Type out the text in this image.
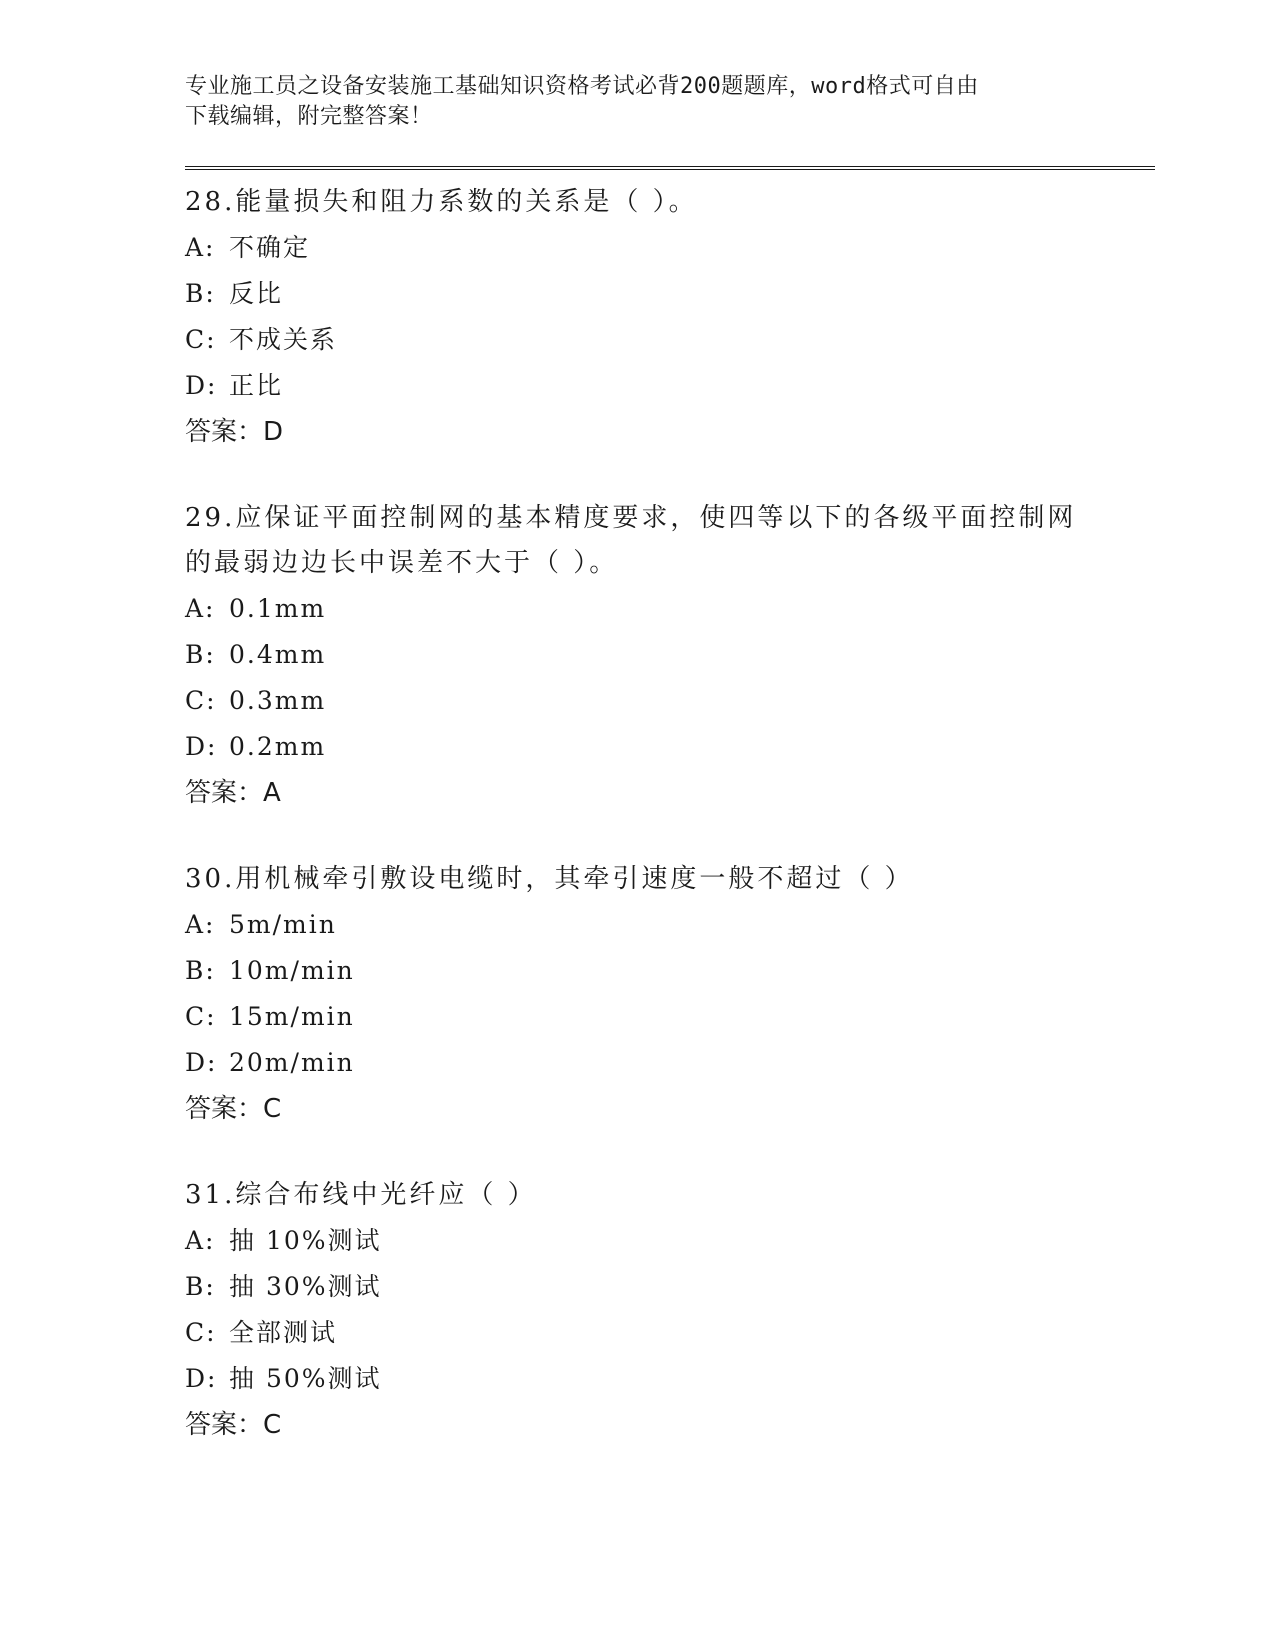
专业施工员之设备安装施工基础知识资格考试必背200题题库，word格式可自由
下载编辑，附完整答案！
28.能量损失和阻力系数的关系是（ ）。
A: 不确定
B: 反比
C: 不成关系
D: 正比
答案：D
29.应保证平面控制网的基本精度要求，使四等以下的各级平面控制网
的最弱边边长中误差不大于（ ）。
A: 0.1mm
B: 0.4mm
C: 0.3mm
D: 0.2mm
答案：A
30.用机械牵引敷设电缆时，其牵引速度一般不超过（ ）
A: 5m/min
B: 10m/min
C: 15m/min
D: 20m/min
答案：C
31.综合布线中光纤应（ ）
A: 抽 10%测试
B: 抽 30%测试
C: 全部测试
D: 抽 50%测试
答案：C
